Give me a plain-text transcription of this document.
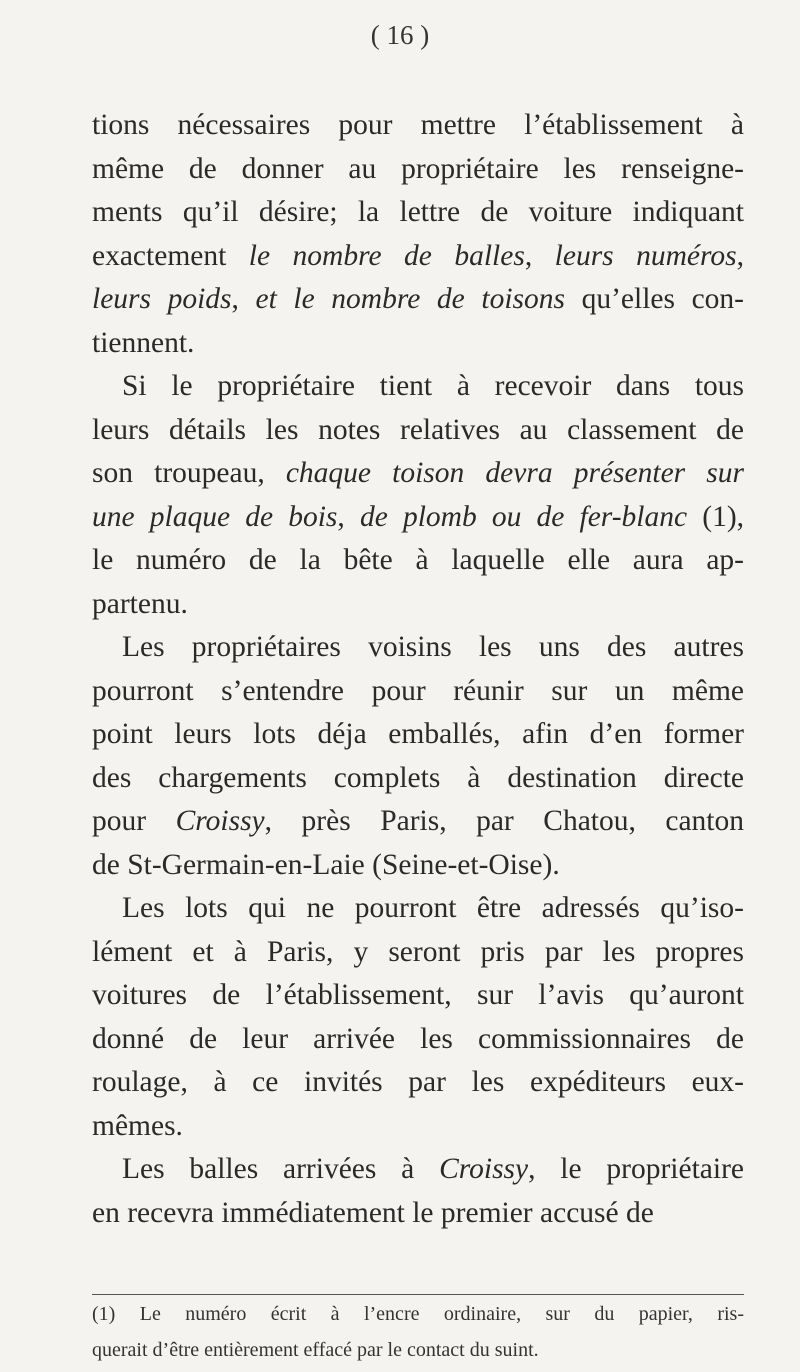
( 16 )
tions nécessaires pour mettre l’établissement à
même de donner au propriétaire les renseigne-
ments qu’il désire; la lettre de voiture indiquant
exactement le nombre de balles, leurs numéros,
leurs poids, et le nombre de toisons qu’elles con-
tiennent.
Si le propriétaire tient à recevoir dans tous
leurs détails les notes relatives au classement de
son troupeau, chaque toison devra présenter sur
une plaque de bois, de plomb ou de fer-blanc (1),
le numéro de la bête à laquelle elle aura ap-
partenu.
Les propriétaires voisins les uns des autres
pourront s’entendre pour réunir sur un même
point leurs lots déja emballés, afin d’en former
des chargements complets à destination directe
pour Croissy, près Paris, par Chatou, canton
de St-Germain-en-Laie (Seine-et-Oise).
Les lots qui ne pourront être adressés qu’iso-
lément et à Paris, y seront pris par les propres
voitures de l’établissement, sur l’avis qu’auront
donné de leur arrivée les commissionnaires de
roulage, à ce invités par les expéditeurs eux-
mêmes.
Les balles arrivées à Croissy, le propriétaire
en recevra immédiatement le premier accusé de
(1) Le numéro écrit à l’encre ordinaire, sur du papier, ris-
querait d’être entièrement effacé par le contact du suint.
